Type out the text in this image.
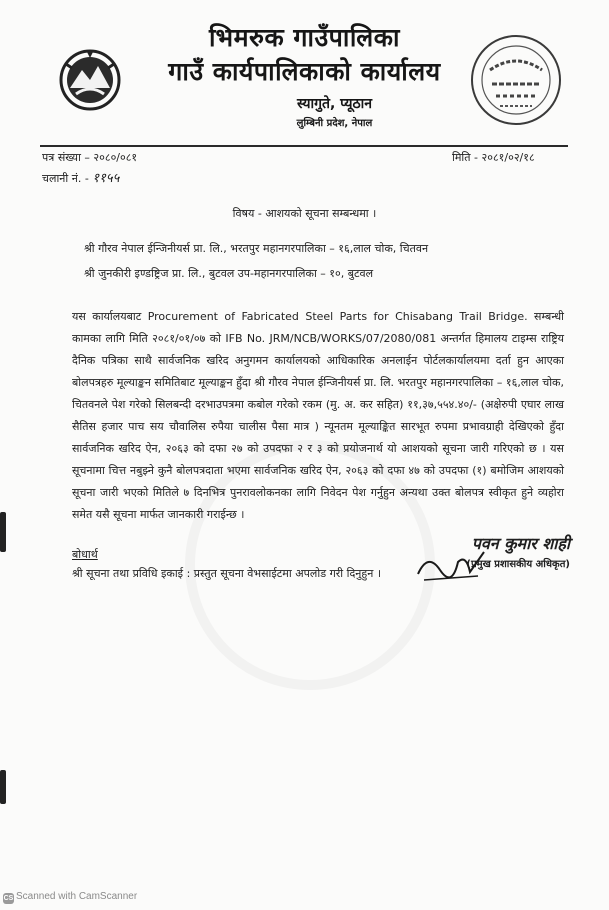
भिमरुक गाउँपालिका
गाउँ कार्यपालिकाको कार्यालय
स्यागुते, प्यूठान
लुम्बिनी प्रदेश, नेपाल
पत्र संख्या – २०८०/०८१
चलानी नं. - ११५५
मिति - २०८१/०२/१८
विषय - आशयको सूचना सम्बन्धमा ।
श्री गौरव नेपाल ईन्जिनीयर्स प्रा. लि., भरतपुर महानगरपालिका – १६,लाल चोक, चितवन
श्री जुनकीरी इण्डष्ट्रिज प्रा. लि., बुटवल उप-महानगरपालिका – १०, बुटवल

यस कार्यालयबाट Procurement of Fabricated Steel Parts for Chisabang Trail Bridge. सम्बन्धी कामका लागि मिति २०८१/०१/०७ को IFB No. JRM/NCB/WORKS/07/2080/081 अन्तर्गत हिमालय टाइम्स राष्ट्रिय दैनिक पत्रिका साथै सार्वजनिक खरिद अनुगमन कार्यालयको आधिकारिक अनलाईन पोर्टलकार्यालयमा दर्ता हुन आएका बोलपत्रहरु मूल्याङ्कन समितिबाट मूल्याङ्कन हुँदा श्री गौरव नेपाल ईन्जिनीयर्स प्रा. लि. भरतपुर महानगरपालिका – १६,लाल चोक, चितवनले पेश गरेको सिलबन्दी दरभाउपत्रमा कबोल गरेको रकम (मु. अ. कर सहित) ११,३७,५५४.४०/- (अक्षेरुपी एघार लाख सैतिस हजार पाच सय चौवालिस रुपैया चालीस पैसा मात्र ) न्यूनतम मूल्याङ्कित सारभूत रुपमा प्रभावग्राही देखिएको हुँदा सार्वजनिक खरिद ऐन, २०६३ को दफा २७ को उपदफा २ र ३ को प्रयोजनार्थ यो आशयको सूचना जारी गरिएको छ । यस सूचनामा चित्त नबुझ्ने कुनै बोलपत्रदाता भएमा सार्वजनिक खरिद ऐन, २०६३ को दफा ४७ को उपदफा (१) बमोजिम आशयको सूचना जारी भएको मितिले ७ दिनभित्र पुनरावलोकनका लागि निवेदन पेश गर्नुहुन अन्यथा उक्त बोलपत्र स्वीकृत हुने व्यहोरा समेत यसै सूचना मार्फत जानकारी गराईन्छ ।

पवन कुमार शाही
(प्रमुख प्रशासकीय अधिकृत)
बोधार्थ
श्री सूचना तथा प्रविधि इकाई : प्रस्तुत सूचना वेभसाईटमा अपलोड गरी दिनुहुन ।
CS Scanned with CamScanner
